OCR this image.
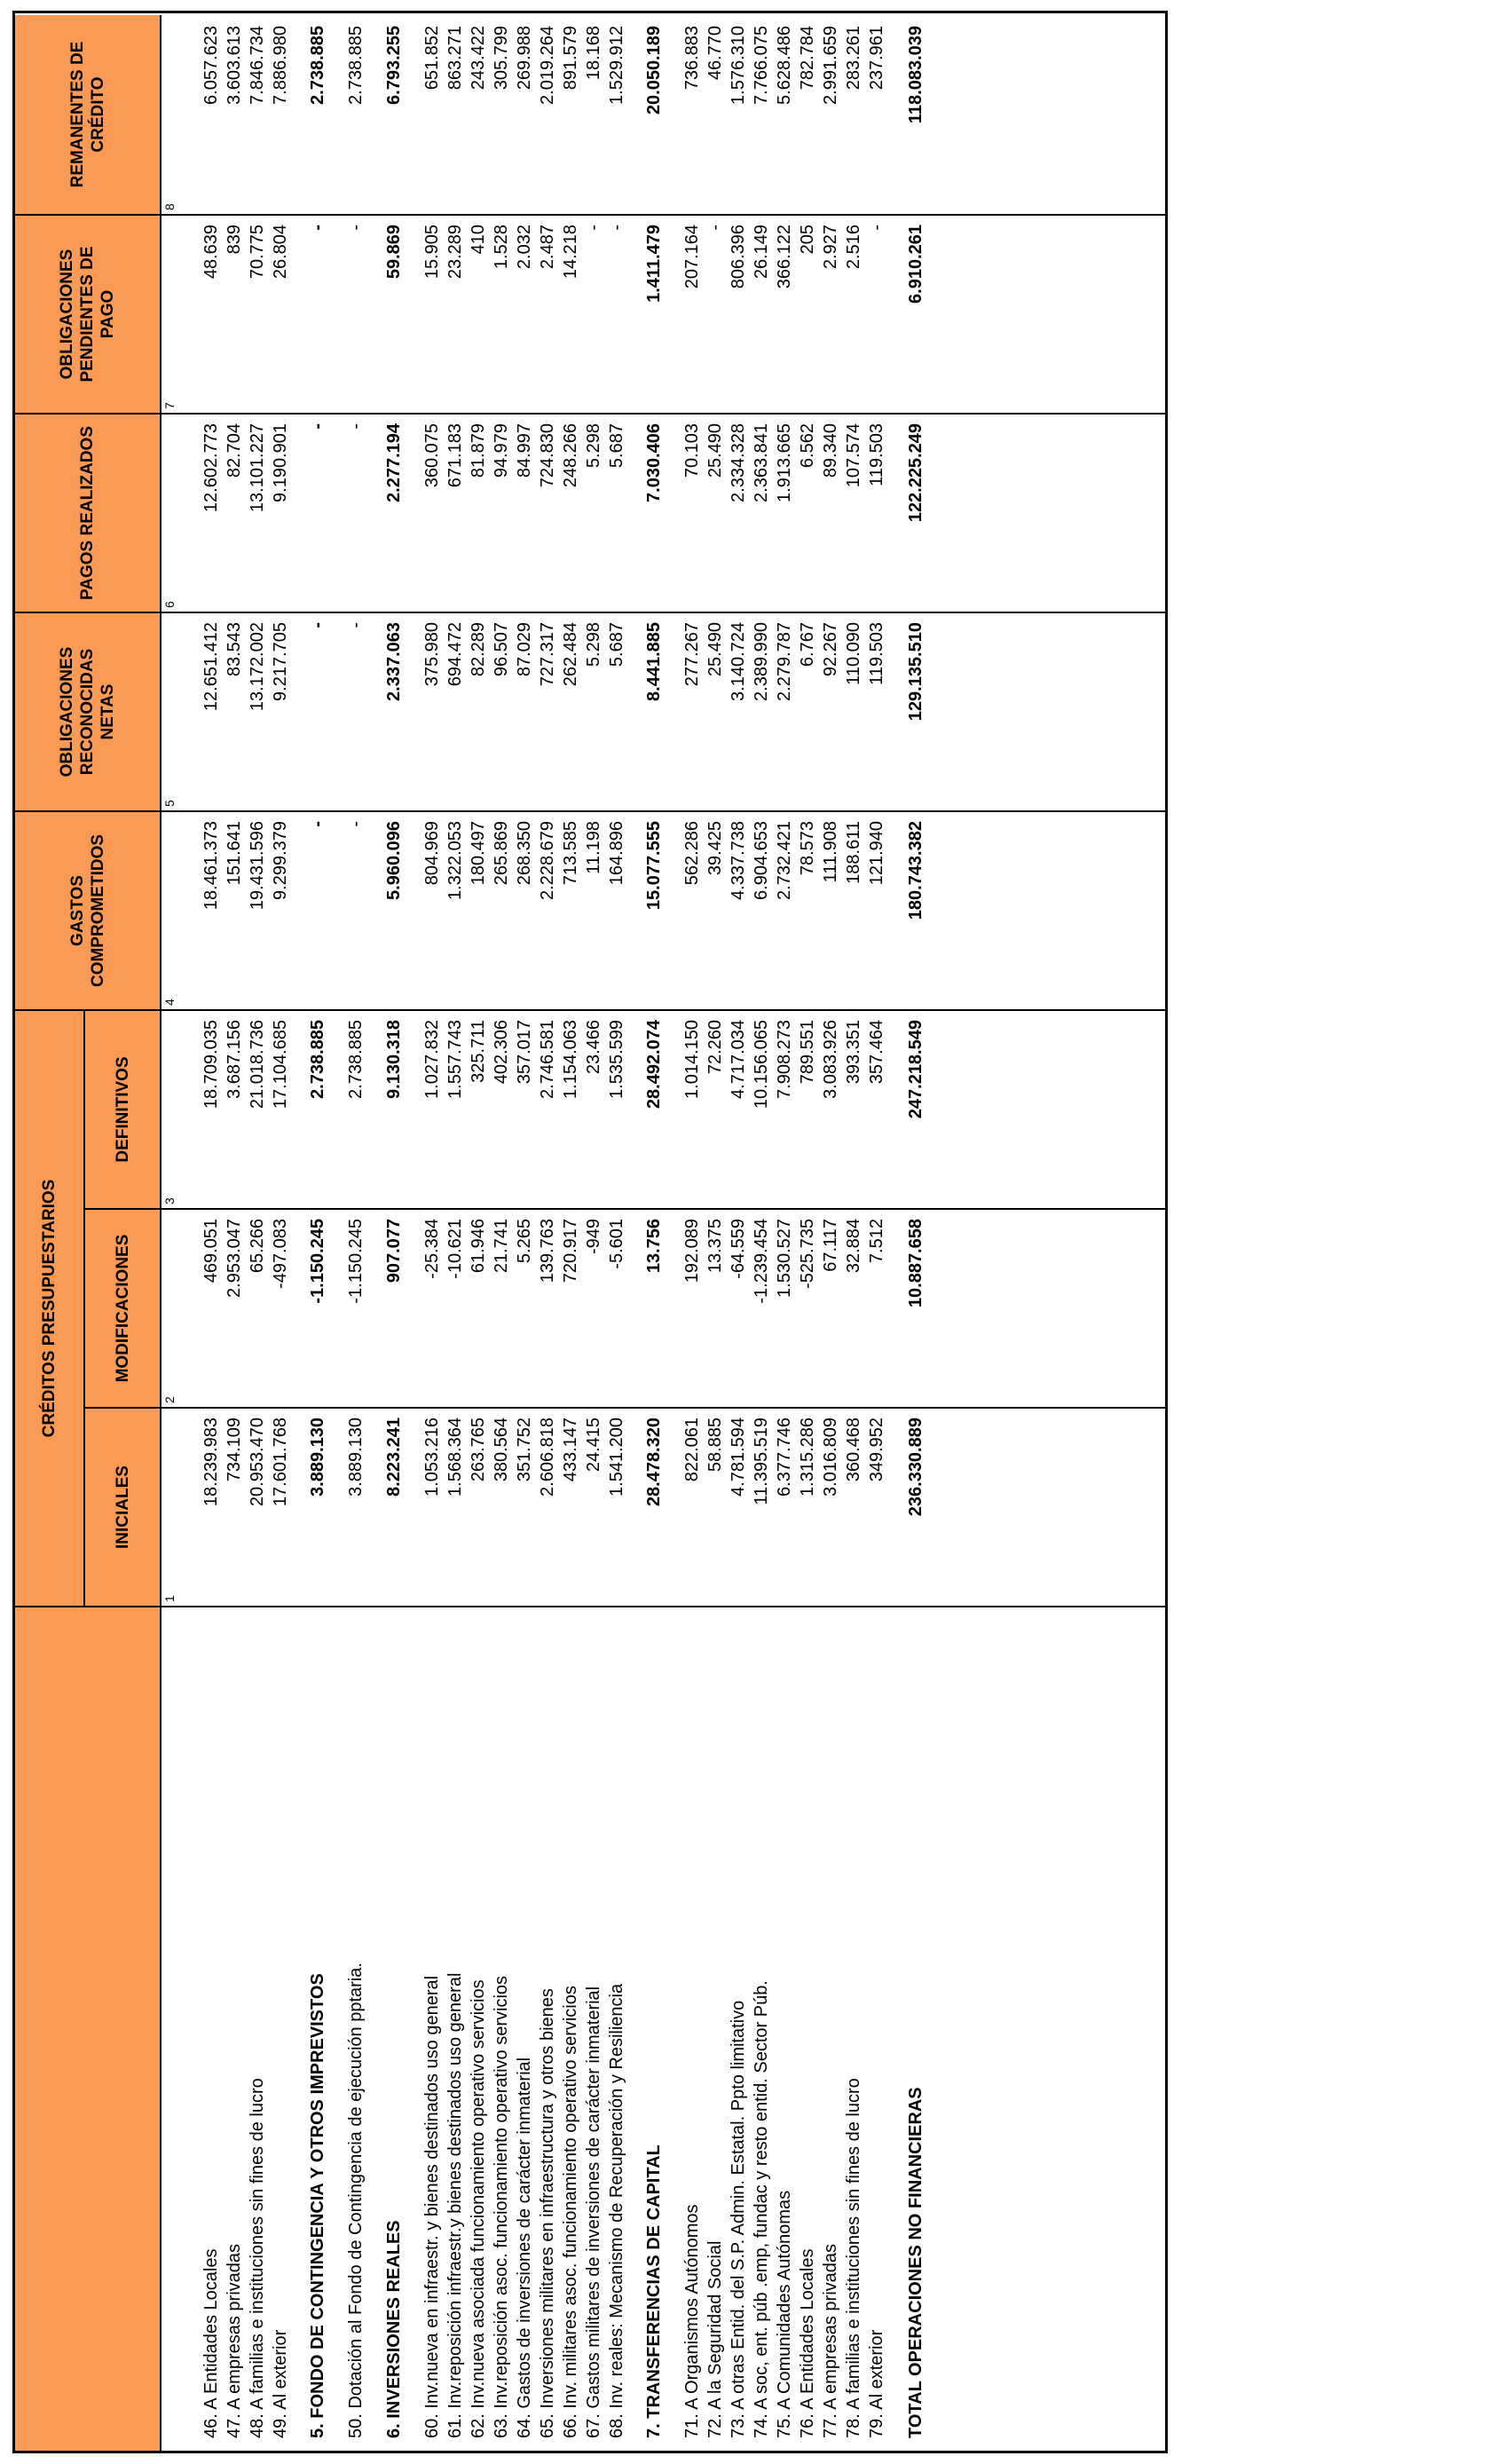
CRÉDITOS PRESUPUESTARIOS
INICIALES
1
MODIFICACIONES
2
DEFINITIVOS
3
GASTOS
COMPROMETIDOS
4
OBLIGACIONES
RECONOCIDAS
NETAS
5
PAGOS REALIZADOS
6
OBLIGACIONES
PENDIENTES DE
PAGO
7
REMANENTES DE
CRÉDITO
8
46. A Entidades Locales
18.239.983
469.051
18.709.035
18.461.373
12.651.412
12.602.773
48.639
6.057.623
47. A empresas privadas
734.109
2.953.047
3.687.156
151.641
83.543
82.704
839
3.603.613
48. A familias e instituciones sin fines de lucro
20.953.470
65.266
21.018.736
19.431.596
13.172.002
13.101.227
70.775
7.846.734
49. Al exterior
17.601.768
-497.083
17.104.685
9.299.379
9.217.705
9.190.901
26.804
7.886.980
5. FONDO DE CONTINGENCIA Y OTROS IMPREVISTOS
3.889.130
-1.150.245
2.738.885
-
-
-
-
2.738.885
50. Dotación al Fondo de Contingencia de ejecución pptaria.
3.889.130
-1.150.245
2.738.885
-
-
-
-
2.738.885
6. INVERSIONES REALES
8.223.241
907.077
9.130.318
5.960.096
2.337.063
2.277.194
59.869
6.793.255
60. Inv.nueva en infraestr. y bienes destinados uso general
1.053.216
-25.384
1.027.832
804.969
375.980
360.075
15.905
651.852
61. Inv.reposición infraestr.y bienes destinados uso general
1.568.364
-10.621
1.557.743
1.322.053
694.472
671.183
23.289
863.271
62. Inv.nueva asociada funcionamiento operativo servicios
263.765
61.946
325.711
180.497
82.289
81.879
410
243.422
63. Inv.reposición asoc. funcionamiento operativo servicios
380.564
21.741
402.306
265.869
96.507
94.979
1.528
305.799
64. Gastos de inversiones de carácter inmaterial
351.752
5.265
357.017
268.350
87.029
84.997
2.032
269.988
65. Inversiones militares en infraestructura y otros bienes
2.606.818
139.763
2.746.581
2.228.679
727.317
724.830
2.487
2.019.264
66. Inv. militares asoc. funcionamiento operativo servicios
433.147
720.917
1.154.063
713.585
262.484
248.266
14.218
891.579
67. Gastos militares de inversiones de carácter inmaterial
24.415
-949
23.466
11.198
5.298
5.298
-
18.168
68. Inv. reales: Mecanismo de Recuperación y Resiliencia
1.541.200
-5.601
1.535.599
164.896
5.687
5.687
-
1.529.912
7. TRANSFERENCIAS DE CAPITAL
28.478.320
13.756
28.492.074
15.077.555
8.441.885
7.030.406
1.411.479
20.050.189
71. A Organismos Autónomos
822.061
192.089
1.014.150
562.286
277.267
70.103
207.164
736.883
72. A la Seguridad Social
58.885
13.375
72.260
39.425
25.490
25.490
-
46.770
73. A otras Entid. del S.P. Admin. Estatal. Ppto limitativo
4.781.594
-64.559
4.717.034
4.337.738
3.140.724
2.334.328
806.396
1.576.310
74. A soc, ent. púb .emp, fundac y resto entid. Sector Púb.
11.395.519
-1.239.454
10.156.065
6.904.653
2.389.990
2.363.841
26.149
7.766.075
75. A Comunidades Autónomas
6.377.746
1.530.527
7.908.273
2.732.421
2.279.787
1.913.665
366.122
5.628.486
76. A Entidades Locales
1.315.286
-525.735
789.551
78.573
6.767
6.562
205
782.784
77. A empresas privadas
3.016.809
67.117
3.083.926
111.908
92.267
89.340
2.927
2.991.659
78. A familias e instituciones sin fines de lucro
360.468
32.884
393.351
188.611
110.090
107.574
2.516
283.261
79. Al exterior
349.952
7.512
357.464
121.940
119.503
119.503
-
237.961
TOTAL OPERACIONES NO FINANCIERAS
236.330.889
10.887.658
247.218.549
180.743.382
129.135.510
122.225.249
6.910.261
118.083.039
